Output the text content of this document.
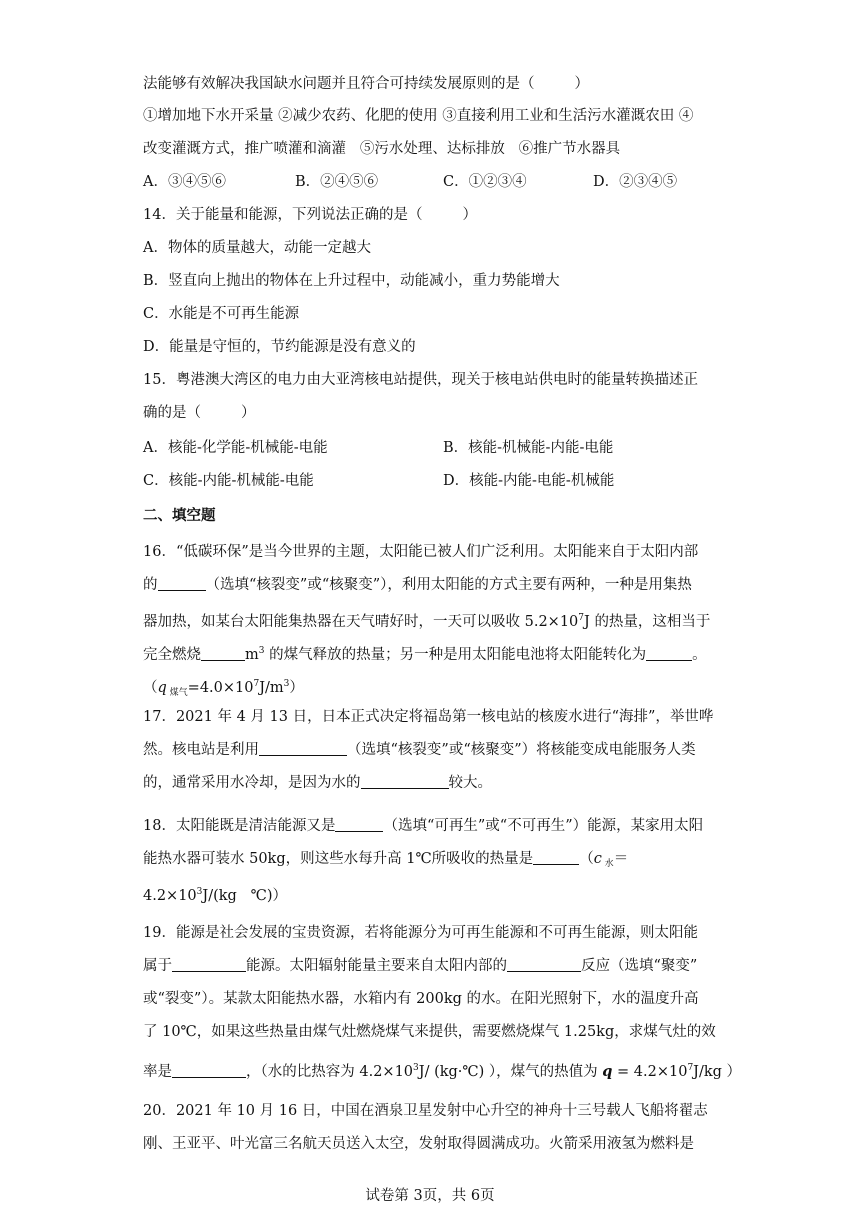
法能够有效解决我国缺水问题并且符合可持续发展原则的是（	）
①增加地下水开采量 ②减少农药、化肥的使用 ③直接利用工业和生活污水灌溉农田 ④
改变灌溉方式，推广喷灌和滴灌   ⑤污水处理、达标排放   ⑥推广节水器具
A．③④⑤⑥	B．②④⑤⑥	C．①②③④	D．②③④⑤
14．关于能量和能源，下列说法正确的是（	）
A．物体的质量越大，动能一定越大
B．竖直向上抛出的物体在上升过程中，动能减小，重力势能增大
C．水能是不可再生能源
D．能量是守恒的，节约能源是没有意义的
15．粤港澳大湾区的电力由大亚湾核电站提供，现关于核电站供电时的能量转换描述正
确的是（	）
A．核能-化学能-机械能-电能	B．核能-机械能-内能-电能
C．核能-内能-机械能-电能	D．核能-内能-电能-机械能
二、填空题
16．“低碳环保”是当今世界的主题，太阳能已被人们广泛利用。太阳能来自于太阳内部
的	（选填“核裂变”或“核聚变”），利用太阳能的方式主要有两种，一种是用集热
器加热，如某台太阳能集热器在天气晴好时，一天可以吸收 $5.2\times 10^7J$ 的热量，这相当于
完全燃烧	$m^3$ 的煤气释放的热量；另一种是用太阳能电池将太阳能转化为	。
（q $_{煤气}=4.0\times 10^7J/m^3$）
17．2021 年 4 月 13 日，日本正式决定将福岛第一核电站的核废水进行“海排”，举世哗
然。核电站是利用	（选填“核裂变”或“核聚变”）将核能变成电能服务人类
的，通常采用水冷却，是因为水的	较大。
18．太阳能既是清洁能源又是	（选填“可再生”或“不可再生”）能源，某家用太阳
能热水器可装水 50kg，则这些水每升高 1℃所吸收的热量是	（c $_水$＝
$4.2\times 10^3J/(kg$   ℃)）
19．能源是社会发展的宝贵资源，若将能源分为可再生能源和不可再生能源，则太阳能
属于	能源。太阳辐射能量主要来自太阳内部的	反应（选填“聚变”
或“裂变”）。某款太阳能热水器，水箱内有 200kg 的水。在阳光照射下，水的温度升高
了 10℃，如果这些热量由煤气灶燃烧煤气来提供，需要燃烧煤气 1.25kg，求煤气灶的效
率是	，（水的比热容为 $4.2\times 10^3J/$ (kg·℃) ），煤气的热值为 $q = 4.2\times 10^7J/kg$ ）
20．2021 年 10 月 16 日，中国在酒泉卫星发射中心升空的神舟十三号载人飞船将翟志
刚、王亚平、叶光富三名航天员送入太空，发射取得圆满成功。火箭采用液氢为燃料是
试卷第 3页，共 6页
